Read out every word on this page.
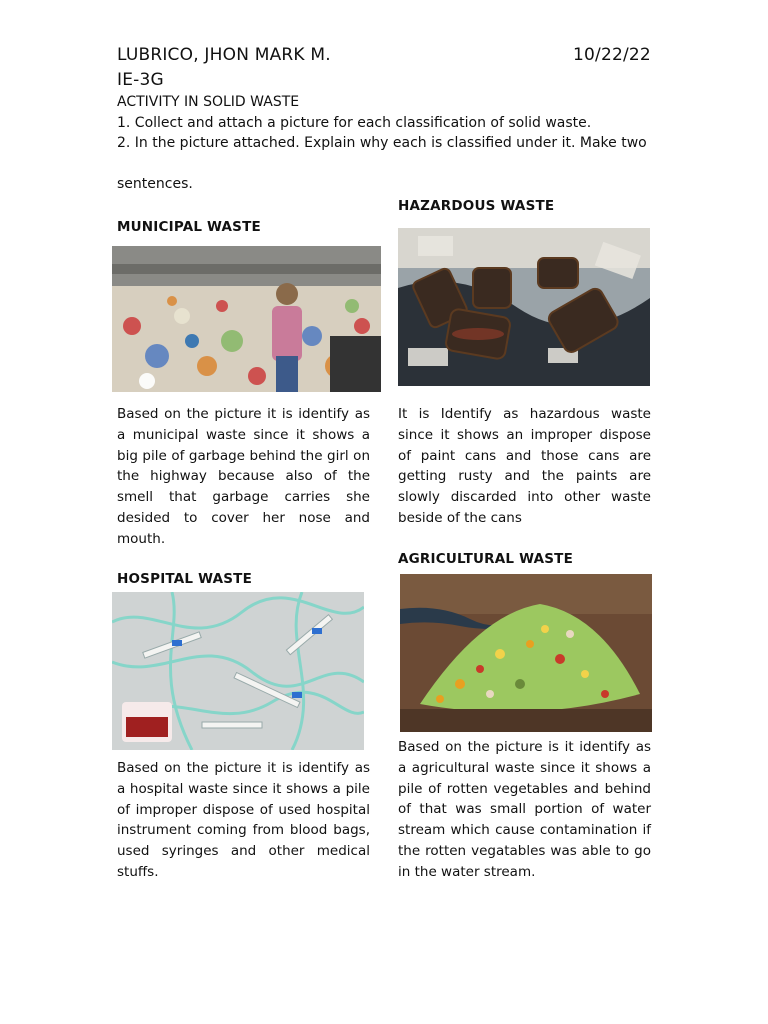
LUBRICO, JHON MARK M.	10/22/22
IE-3G
ACTIVITY IN SOLID WASTE
1. Collect and attach a picture for each classification of solid waste.
2. In the picture attached. Explain why each is classified under it. Make two
sentences.
MUNICIPAL WASTE
Based on the picture it is identify as a municipal waste since it shows a big pile of garbage behind the girl on the highway because also of the smell that garbage carries she desided to cover her nose and mouth.
HAZARDOUS WASTE
It is Identify as hazardous waste since it shows an improper dispose of paint cans and those cans are getting rusty and the paints are slowly discarded into other waste beside of the cans
HOSPITAL WASTE
Based on the picture it is identify as a hospital waste since it shows a pile of improper dispose of used hospital instrument coming from blood bags, used syringes and other medical stuffs.
AGRICULTURAL WASTE
Based on the picture is it identify as a agricultural waste since it shows a pile of rotten vegetables and behind of that was small portion of water stream which cause contamination if the rotten vegatables was able to go in the water stream.
